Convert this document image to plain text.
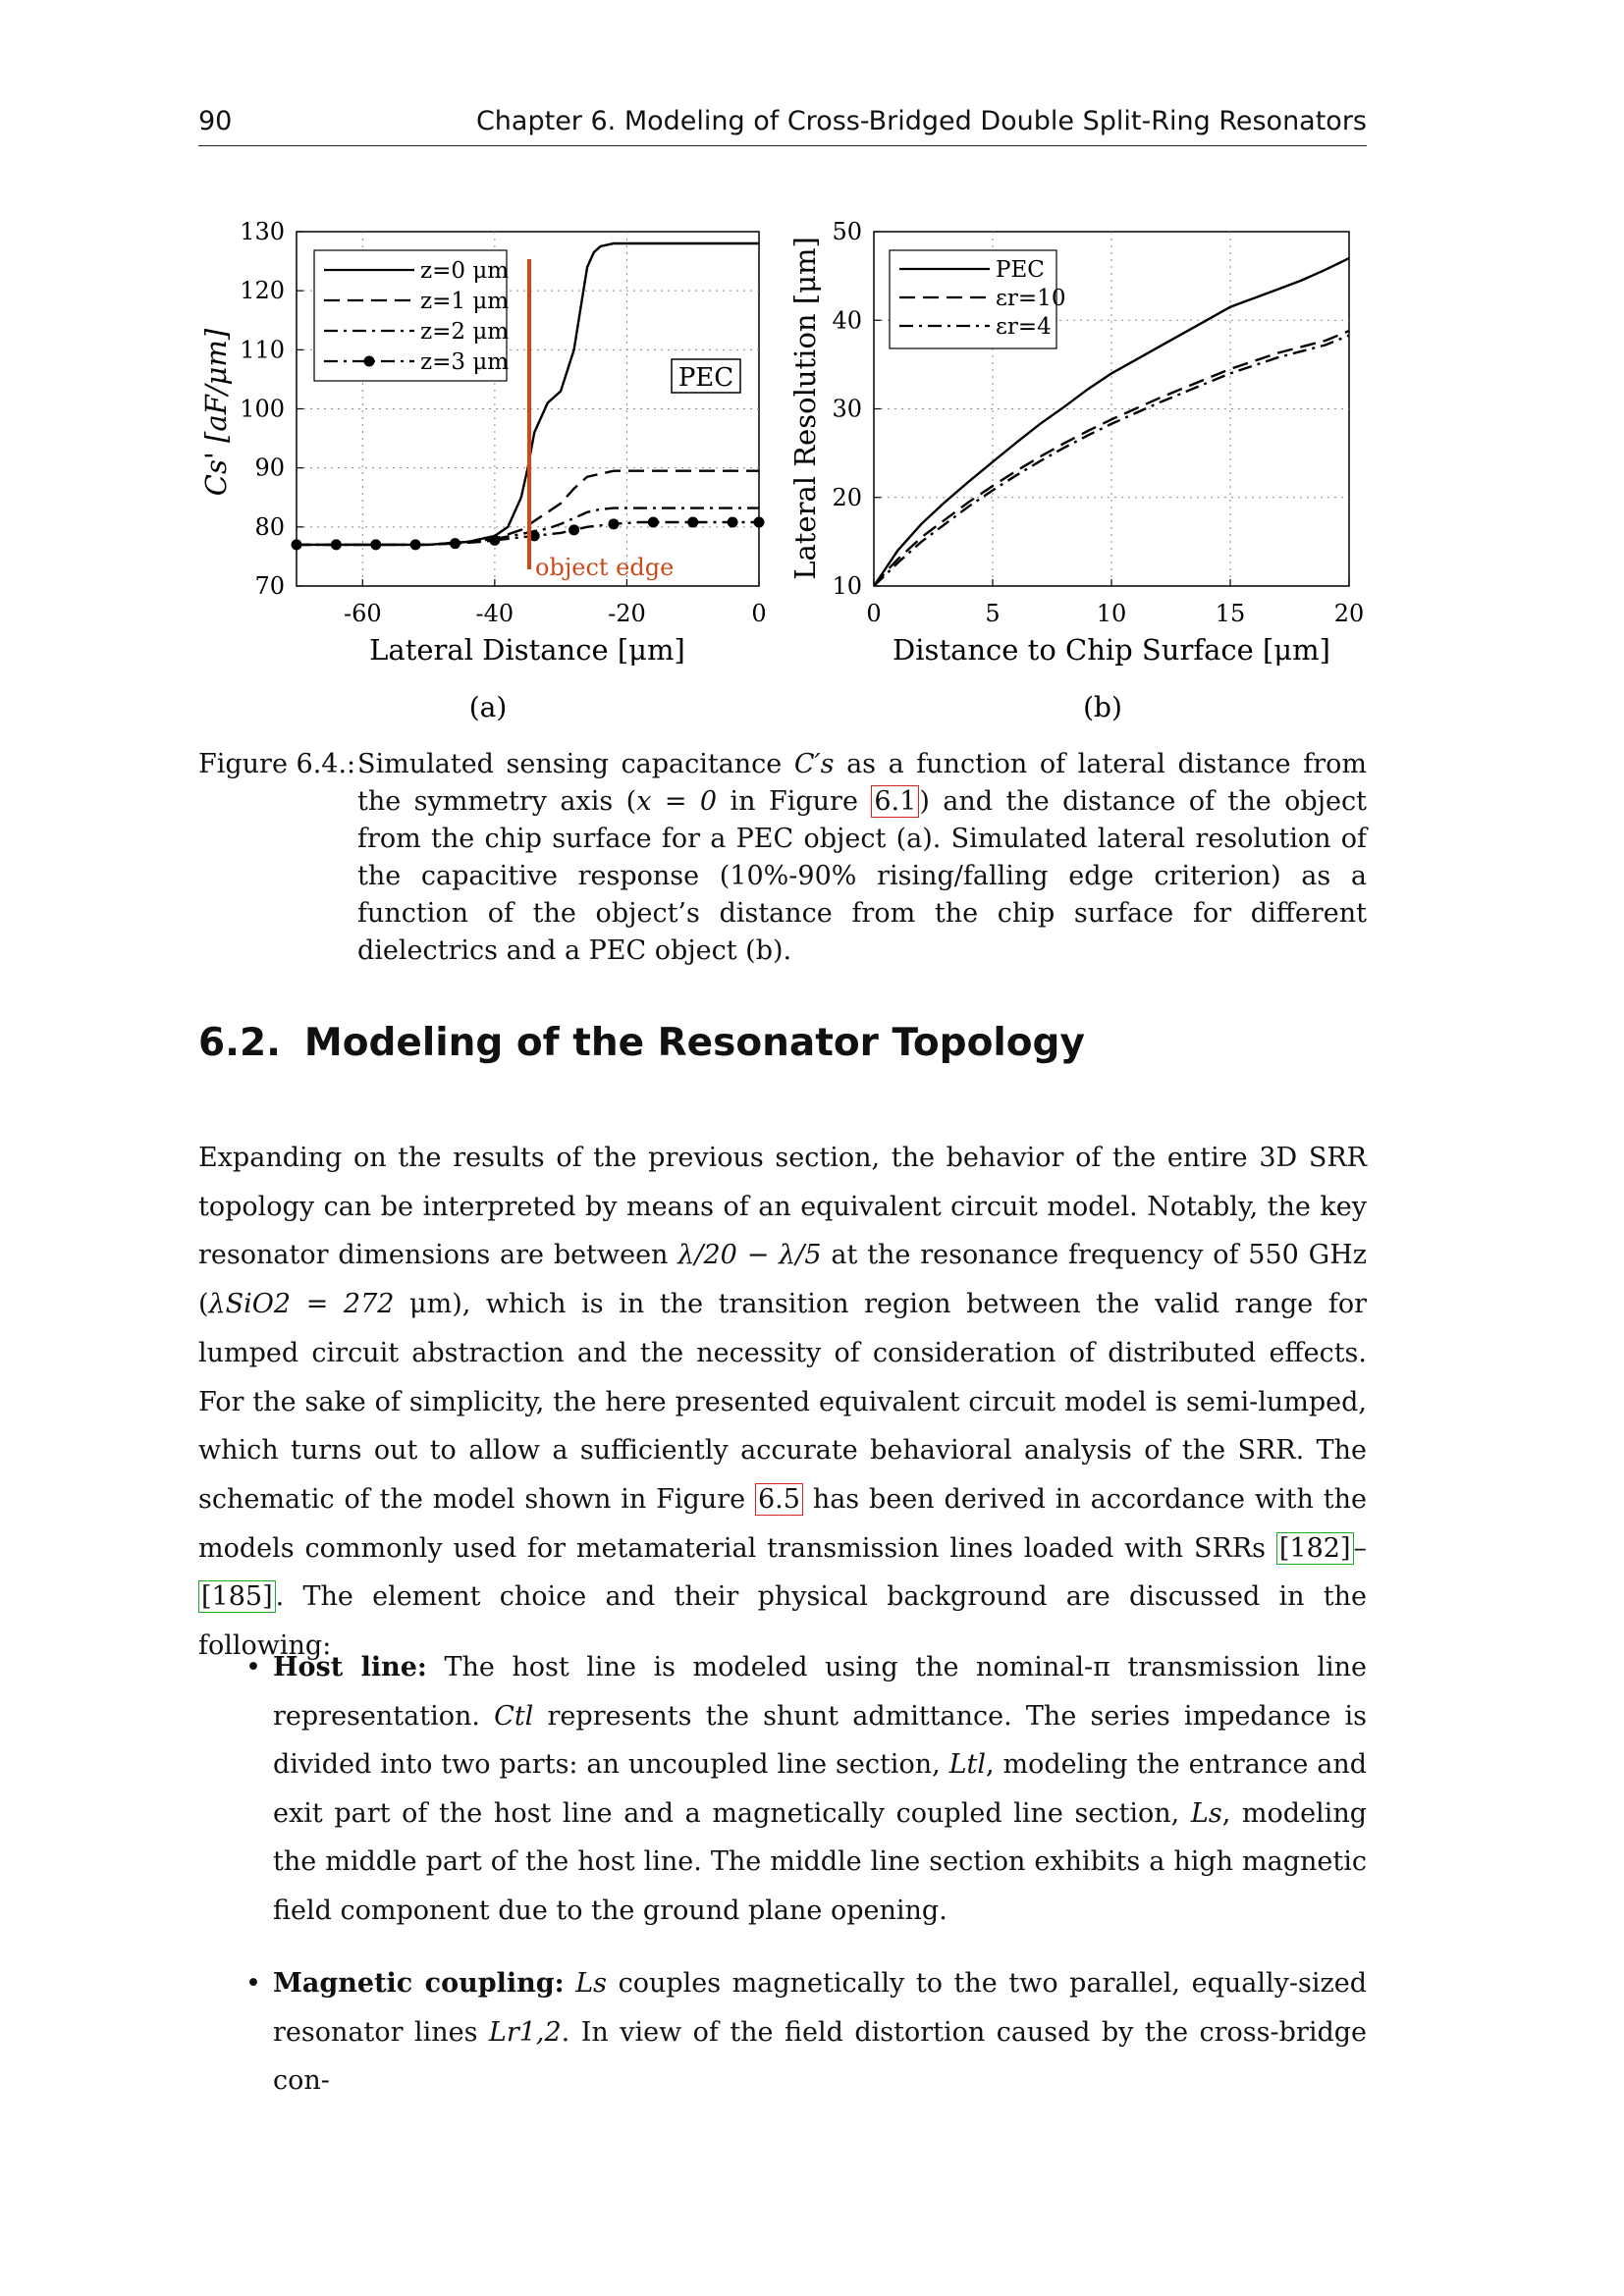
90	Chapter 6. Modeling of Cross-Bridged Double Split-Ring Resonators
-60	-40	-20	0
70
80
90
100
110
120
130
object edge
PEC
z=0 μm
z=1 μm
z=2 μm
z=3 μm
Lateral Distance [μm]
Cs' [aF/μm]
(a)
0	5	10	15	20
10
20
30
40
50
PEC
εr=10
εr=4
Distance to Chip Surface [μm]
Lateral Resolution [μm]
(b)
Figure 6.4.: Simulated sensing capacitance C′s as a function of lateral distance from the symmetry axis (x = 0 in Figure 6.1 ) and the distance of the object from the chip surface for a PEC object (a). Simulated lateral resolution of the capacitive response (10%-90% rising/falling edge criterion) as a function of the object’s distance from the chip surface for different dielectrics and a PEC object (b).
6.2. Modeling of the Resonator Topology
Expanding on the results of the previous section, the behavior of the entire 3D SRR topology can be interpreted by means of an equivalent circuit model. Notably, the key resonator dimensions are between λ/20 − λ/5 at the resonance frequency of 550 GHz (λSiO2 = 272 μm), which is in the transition region between the valid range for lumped circuit abstraction and the necessity of consideration of distributed effects. For the sake of simplicity, the here presented equivalent circuit model is semi-lumped, which turns out to allow a sufficiently accurate behavioral analysis of the SRR. The schematic of the model shown in Figure 6.5 has been derived in accordance with the models commonly used for metamaterial transmission lines loaded with SRRs [182] –[185] . The element choice and their physical background are discussed in the following:
• Host line: The host line is modeled using the nominal-π transmission line representation. Ctl represents the shunt admittance. The series impedance is divided into two parts: an uncoupled line section, Ltl, modeling the entrance and exit part of the host line and a magnetically coupled line section, Ls, modeling the middle part of the host line. The middle line section exhibits a high magnetic field component due to the ground plane opening.
• Magnetic coupling: Ls couples magnetically to the two parallel, equally-sized resonator lines Lr1,2. In view of the field distortion caused by the cross-bridge con-
